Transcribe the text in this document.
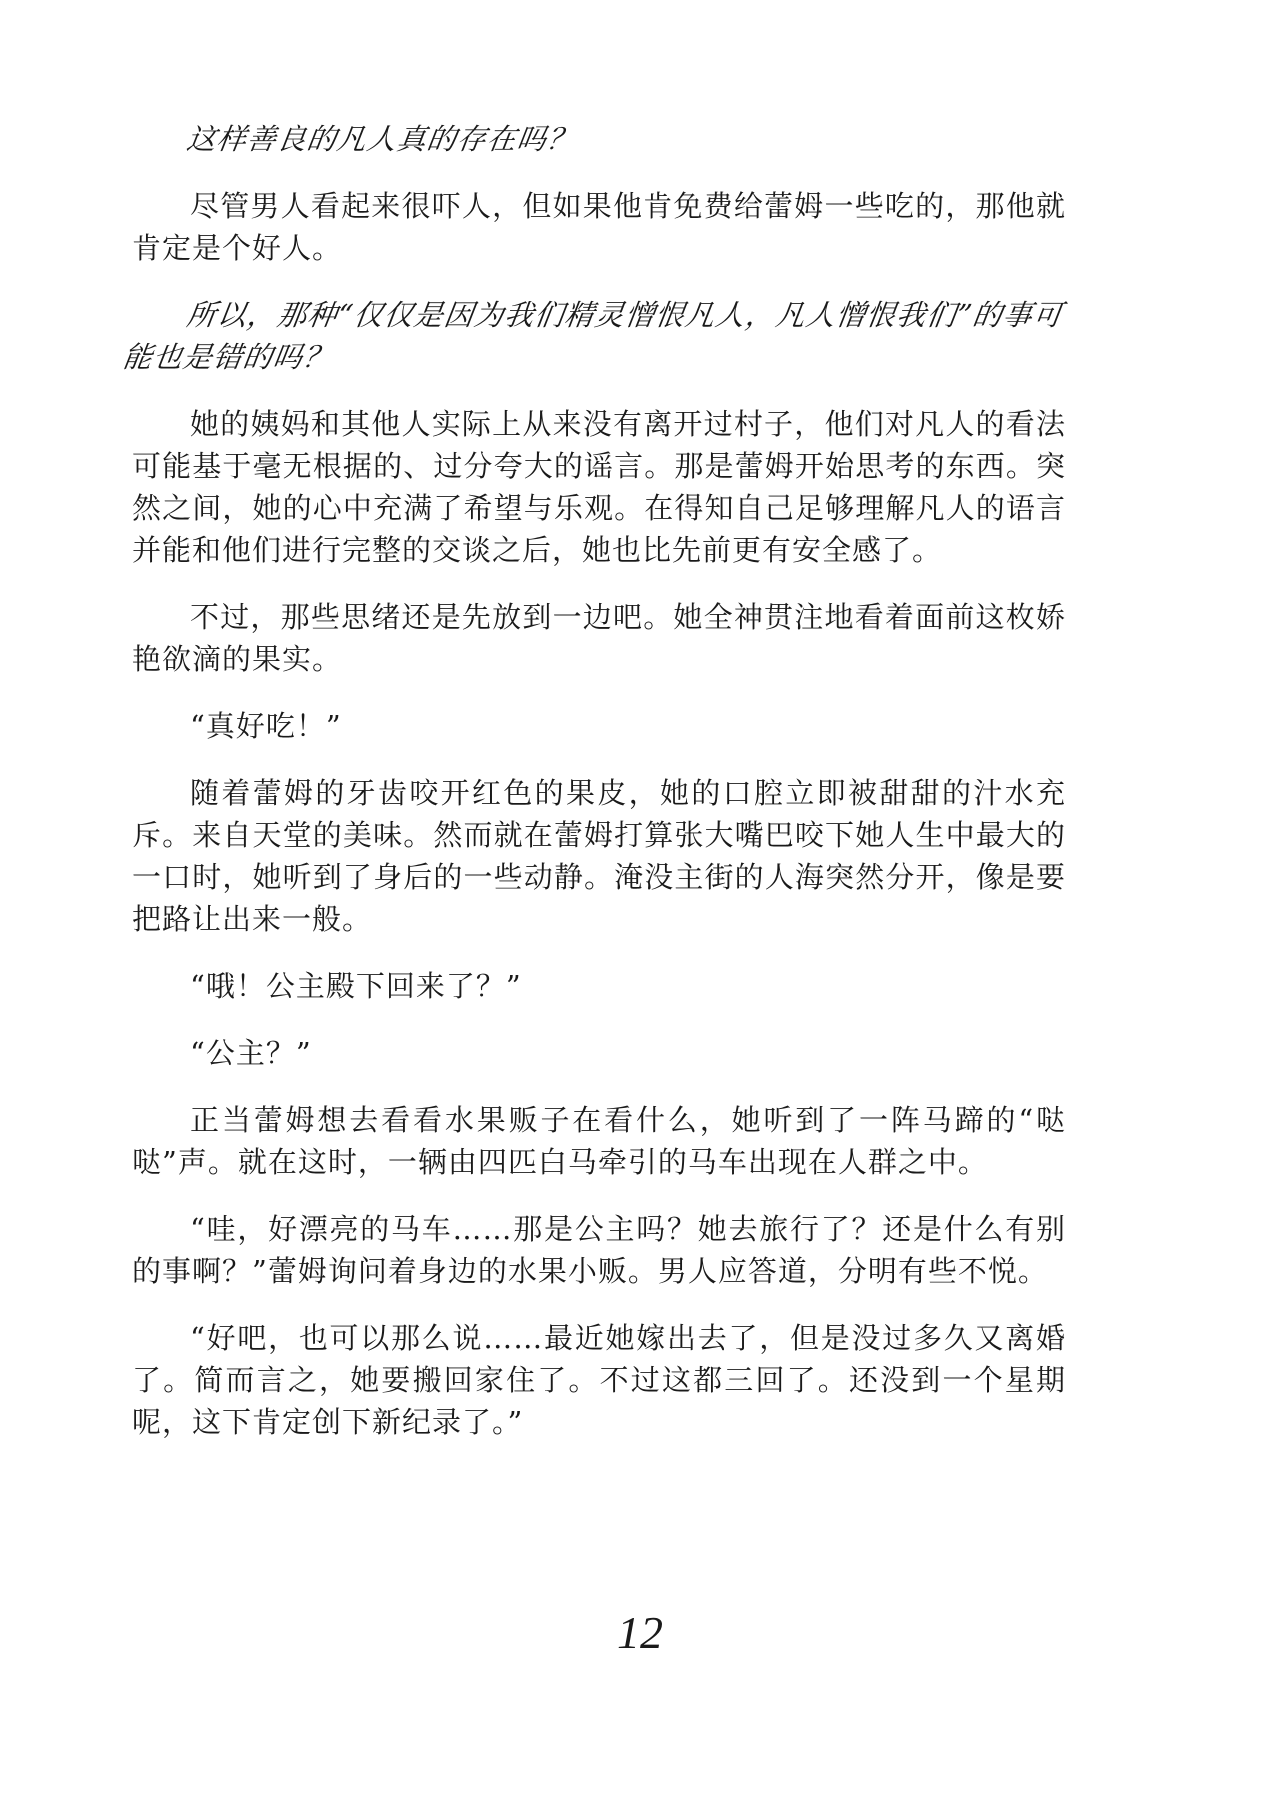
这样善良的凡人真的存在吗？

尽管男人看起来很吓人，但如果他肯免费给蕾姆一些吃的，那他就肯定是个好人。

所以，那种“仅仅是因为我们精灵憎恨凡人，凡人憎恨我们”的事可能也是错的吗？

她的姨妈和其他人实际上从来没有离开过村子，他们对凡人的看法可能基于毫无根据的、过分夸大的谣言。那是蕾姆开始思考的东西。突然之间，她的心中充满了希望与乐观。在得知自己足够理解凡人的语言并能和他们进行完整的交谈之后，她也比先前更有安全感了。

不过，那些思绪还是先放到一边吧。她全神贯注地看着面前这枚娇艳欲滴的果实。

“真好吃！”

随着蕾姆的牙齿咬开红色的果皮，她的口腔立即被甜甜的汁水充斥。来自天堂的美味。然而就在蕾姆打算张大嘴巴咬下她人生中最大的一口时，她听到了身后的一些动静。淹没主街的人海突然分开，像是要把路让出来一般。

“哦！公主殿下回来了？”

“公主？”

正当蕾姆想去看看水果贩子在看什么，她听到了一阵马蹄的“哒哒”声。就在这时，一辆由四匹白马牵引的马车出现在人群之中。

“哇，好漂亮的马车……那是公主吗？她去旅行了？还是什么有别的事啊？”蕾姆询问着身边的水果小贩。男人应答道，分明有些不悦。

“好吧，也可以那么说……最近她嫁出去了，但是没过多久又离婚了。简而言之，她要搬回家住了。不过这都三回了。还没到一个星期呢，这下肯定创下新纪录了。”

12
